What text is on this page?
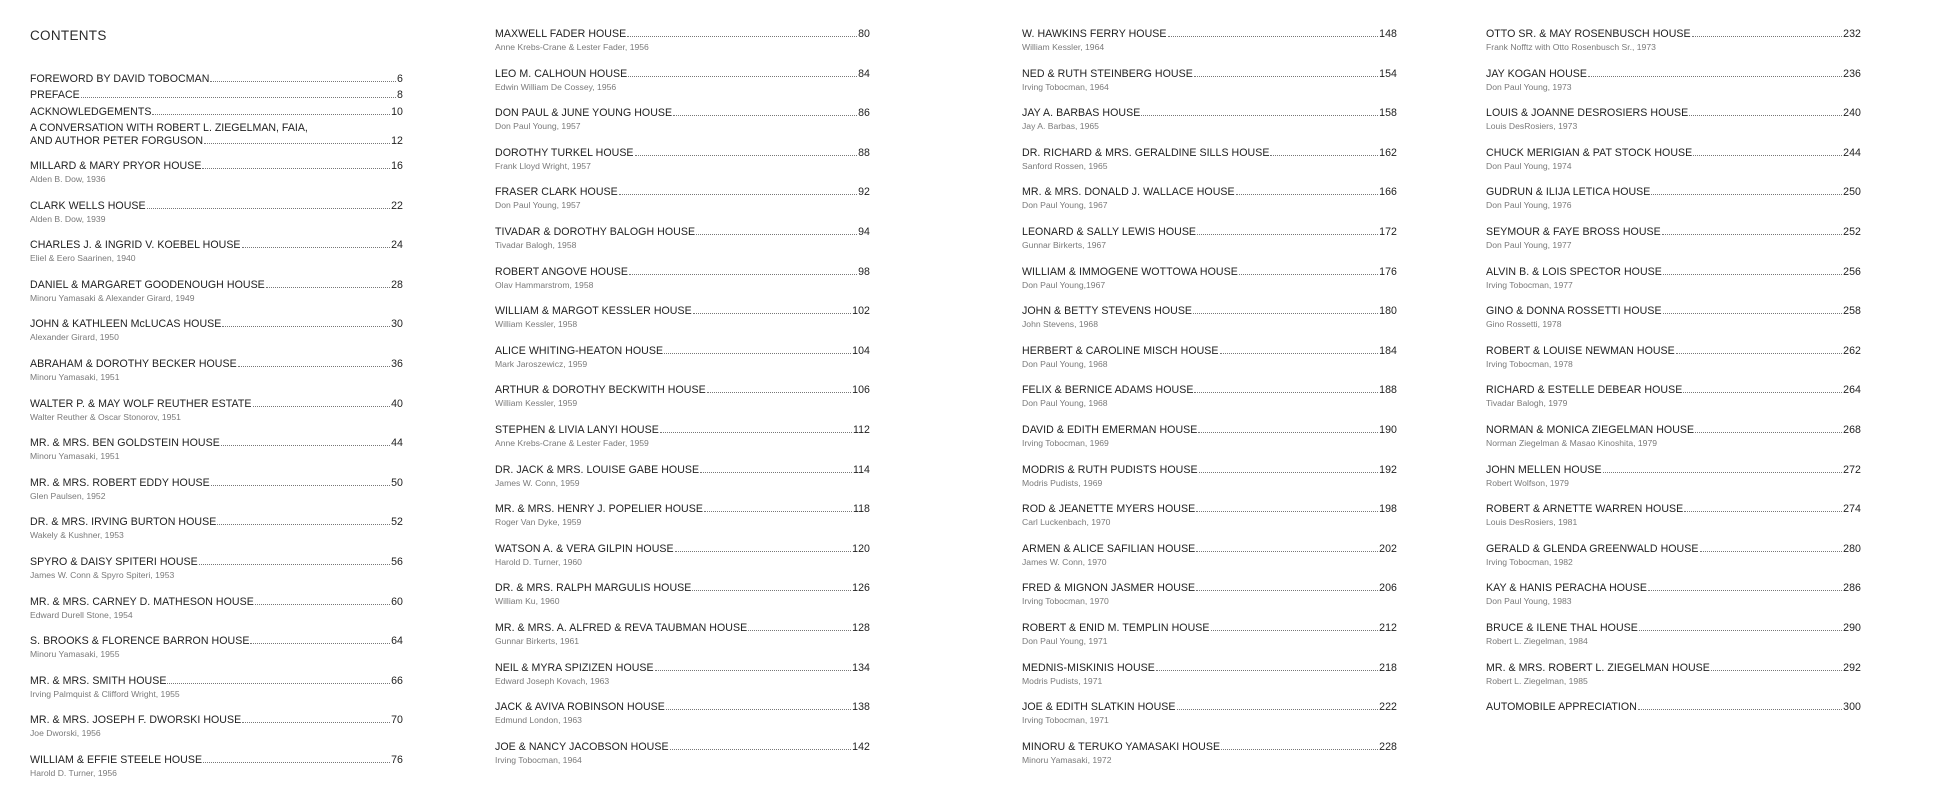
CONTENTS
FOREWORD BY DAVID TOBOCMAN	6
PREFACE	8
ACKNOWLEDGEMENTS	10
A CONVERSATION WITH ROBERT L. ZIEGELMAN, FAIA,
AND AUTHOR PETER FORGUSON	12
MILLARD & MARY PRYOR HOUSE	16
Alden B. Dow, 1936
CLARK WELLS HOUSE	22
Alden B. Dow, 1939
CHARLES J. & INGRID V. KOEBEL HOUSE	24
Eliel & Eero Saarinen, 1940
DANIEL & MARGARET GOODENOUGH HOUSE	28
Minoru Yamasaki & Alexander Girard, 1949
JOHN & KATHLEEN McLUCAS HOUSE	30
Alexander Girard, 1950
ABRAHAM & DOROTHY BECKER HOUSE	36
Minoru Yamasaki, 1951
WALTER P. & MAY WOLF REUTHER ESTATE	40
Walter Reuther & Oscar Stonorov, 1951
MR. & MRS. BEN GOLDSTEIN HOUSE	44
Minoru Yamasaki, 1951
MR. & MRS. ROBERT EDDY HOUSE	50
Glen Paulsen, 1952
DR. & MRS. IRVING BURTON HOUSE	52
Wakely & Kushner, 1953
SPYRO & DAISY SPITERI HOUSE	56
James W. Conn & Spyro Spiteri, 1953
MR. & MRS. CARNEY D. MATHESON HOUSE	60
Edward Durell Stone, 1954
S. BROOKS & FLORENCE BARRON HOUSE	64
Minoru Yamasaki, 1955
MR. & MRS. SMITH HOUSE	66
Irving Palmquist & Clifford Wright, 1955
MR. & MRS. JOSEPH F. DWORSKI HOUSE	70
Joe Dworski, 1956
WILLIAM & EFFIE STEELE HOUSE	76
Harold D. Turner, 1956
MAXWELL FADER HOUSE	80
Anne Krebs-Crane & Lester Fader, 1956
LEO M. CALHOUN HOUSE	84
Edwin William De Cossey, 1956
DON PAUL & JUNE YOUNG HOUSE	86
Don Paul Young, 1957
DOROTHY TURKEL HOUSE	88
Frank Lloyd Wright, 1957
FRASER CLARK HOUSE	92
Don Paul Young, 1957
TIVADAR & DOROTHY BALOGH HOUSE	94
Tivadar Balogh, 1958
ROBERT ANGOVE HOUSE	98
Olav Hammarstrom, 1958
WILLIAM & MARGOT KESSLER HOUSE	102
William Kessler, 1958
ALICE WHITING-HEATON HOUSE	104
Mark Jaroszewicz, 1959
ARTHUR & DOROTHY BECKWITH HOUSE	106
William Kessler, 1959
STEPHEN & LIVIA LANYI HOUSE	112
Anne Krebs-Crane & Lester Fader, 1959
DR. JACK & MRS. LOUISE GABE HOUSE	114
James W. Conn, 1959
MR. & MRS. HENRY J. POPELIER HOUSE	118
Roger Van Dyke, 1959
WATSON A. & VERA GILPIN HOUSE	120
Harold D. Turner, 1960
DR. & MRS. RALPH MARGULIS HOUSE	126
William Ku, 1960
MR. & MRS. A. ALFRED & REVA TAUBMAN HOUSE	128
Gunnar Birkerts, 1961
NEIL & MYRA SPIZIZEN HOUSE	134
Edward Joseph Kovach, 1963
JACK & AVIVA ROBINSON HOUSE	138
Edmund London, 1963
JOE & NANCY JACOBSON HOUSE	142
Irving Tobocman, 1964
W. HAWKINS FERRY HOUSE	148
William Kessler, 1964
NED & RUTH STEINBERG HOUSE	154
Irving Tobocman, 1964
JAY A. BARBAS HOUSE	158
Jay A. Barbas, 1965
DR. RICHARD & MRS. GERALDINE SILLS HOUSE	162
Sanford Rossen, 1965
MR. & MRS. DONALD J. WALLACE HOUSE	166
Don Paul Young, 1967
LEONARD & SALLY LEWIS HOUSE	172
Gunnar Birkerts, 1967
WILLIAM & IMMOGENE WOTTOWA HOUSE	176
Don Paul Young,1967
JOHN & BETTY STEVENS HOUSE	180
John Stevens, 1968
HERBERT & CAROLINE MISCH HOUSE	184
Don Paul Young, 1968
FELIX & BERNICE ADAMS HOUSE	188
Don Paul Young, 1968
DAVID & EDITH EMERMAN HOUSE	190
Irving Tobocman, 1969
MODRIS & RUTH PUDISTS HOUSE	192
Modris Pudists, 1969
ROD & JEANETTE MYERS HOUSE	198
Carl Luckenbach, 1970
ARMEN & ALICE SAFILIAN HOUSE	202
James W. Conn, 1970
FRED & MIGNON JASMER HOUSE	206
Irving Tobocman, 1970
ROBERT & ENID M. TEMPLIN HOUSE	212
Don Paul Young, 1971
MEDNIS-MISKINIS HOUSE	218
Modris Pudists, 1971
JOE & EDITH SLATKIN HOUSE	222
Irving Tobocman, 1971
MINORU & TERUKO YAMASAKI HOUSE	228
Minoru Yamasaki, 1972
OTTO SR. & MAY ROSENBUSCH HOUSE	232
Frank Nofftz with Otto Rosenbusch Sr., 1973
JAY KOGAN HOUSE	236
Don Paul Young, 1973
LOUIS & JOANNE DESROSIERS HOUSE	240
Louis DesRosiers, 1973
CHUCK MERIGIAN & PAT STOCK HOUSE	244
Don Paul Young, 1974
GUDRUN & ILIJA LETICA HOUSE	250
Don Paul Young, 1976
SEYMOUR & FAYE BROSS HOUSE	252
Don Paul Young, 1977
ALVIN B. & LOIS SPECTOR HOUSE	256
Irving Tobocman, 1977
GINO & DONNA ROSSETTI HOUSE	258
Gino Rossetti, 1978
ROBERT & LOUISE NEWMAN HOUSE	262
Irving Tobocman, 1978
RICHARD & ESTELLE DEBEAR HOUSE	264
Tivadar Balogh, 1979
NORMAN & MONICA ZIEGELMAN HOUSE	268
Norman Ziegelman & Masao Kinoshita, 1979
JOHN MELLEN HOUSE	272
Robert Wolfson, 1979
ROBERT & ARNETTE WARREN HOUSE	274
Louis DesRosiers, 1981
GERALD & GLENDA GREENWALD HOUSE	280
Irving Tobocman, 1982
KAY & HANIS PERACHA HOUSE	286
Don Paul Young, 1983
BRUCE & ILENE THAL HOUSE	290
Robert L. Ziegelman, 1984
MR. & MRS. ROBERT L. ZIEGELMAN HOUSE	292
Robert L. Ziegelman, 1985
AUTOMOBILE APPRECIATION	300
